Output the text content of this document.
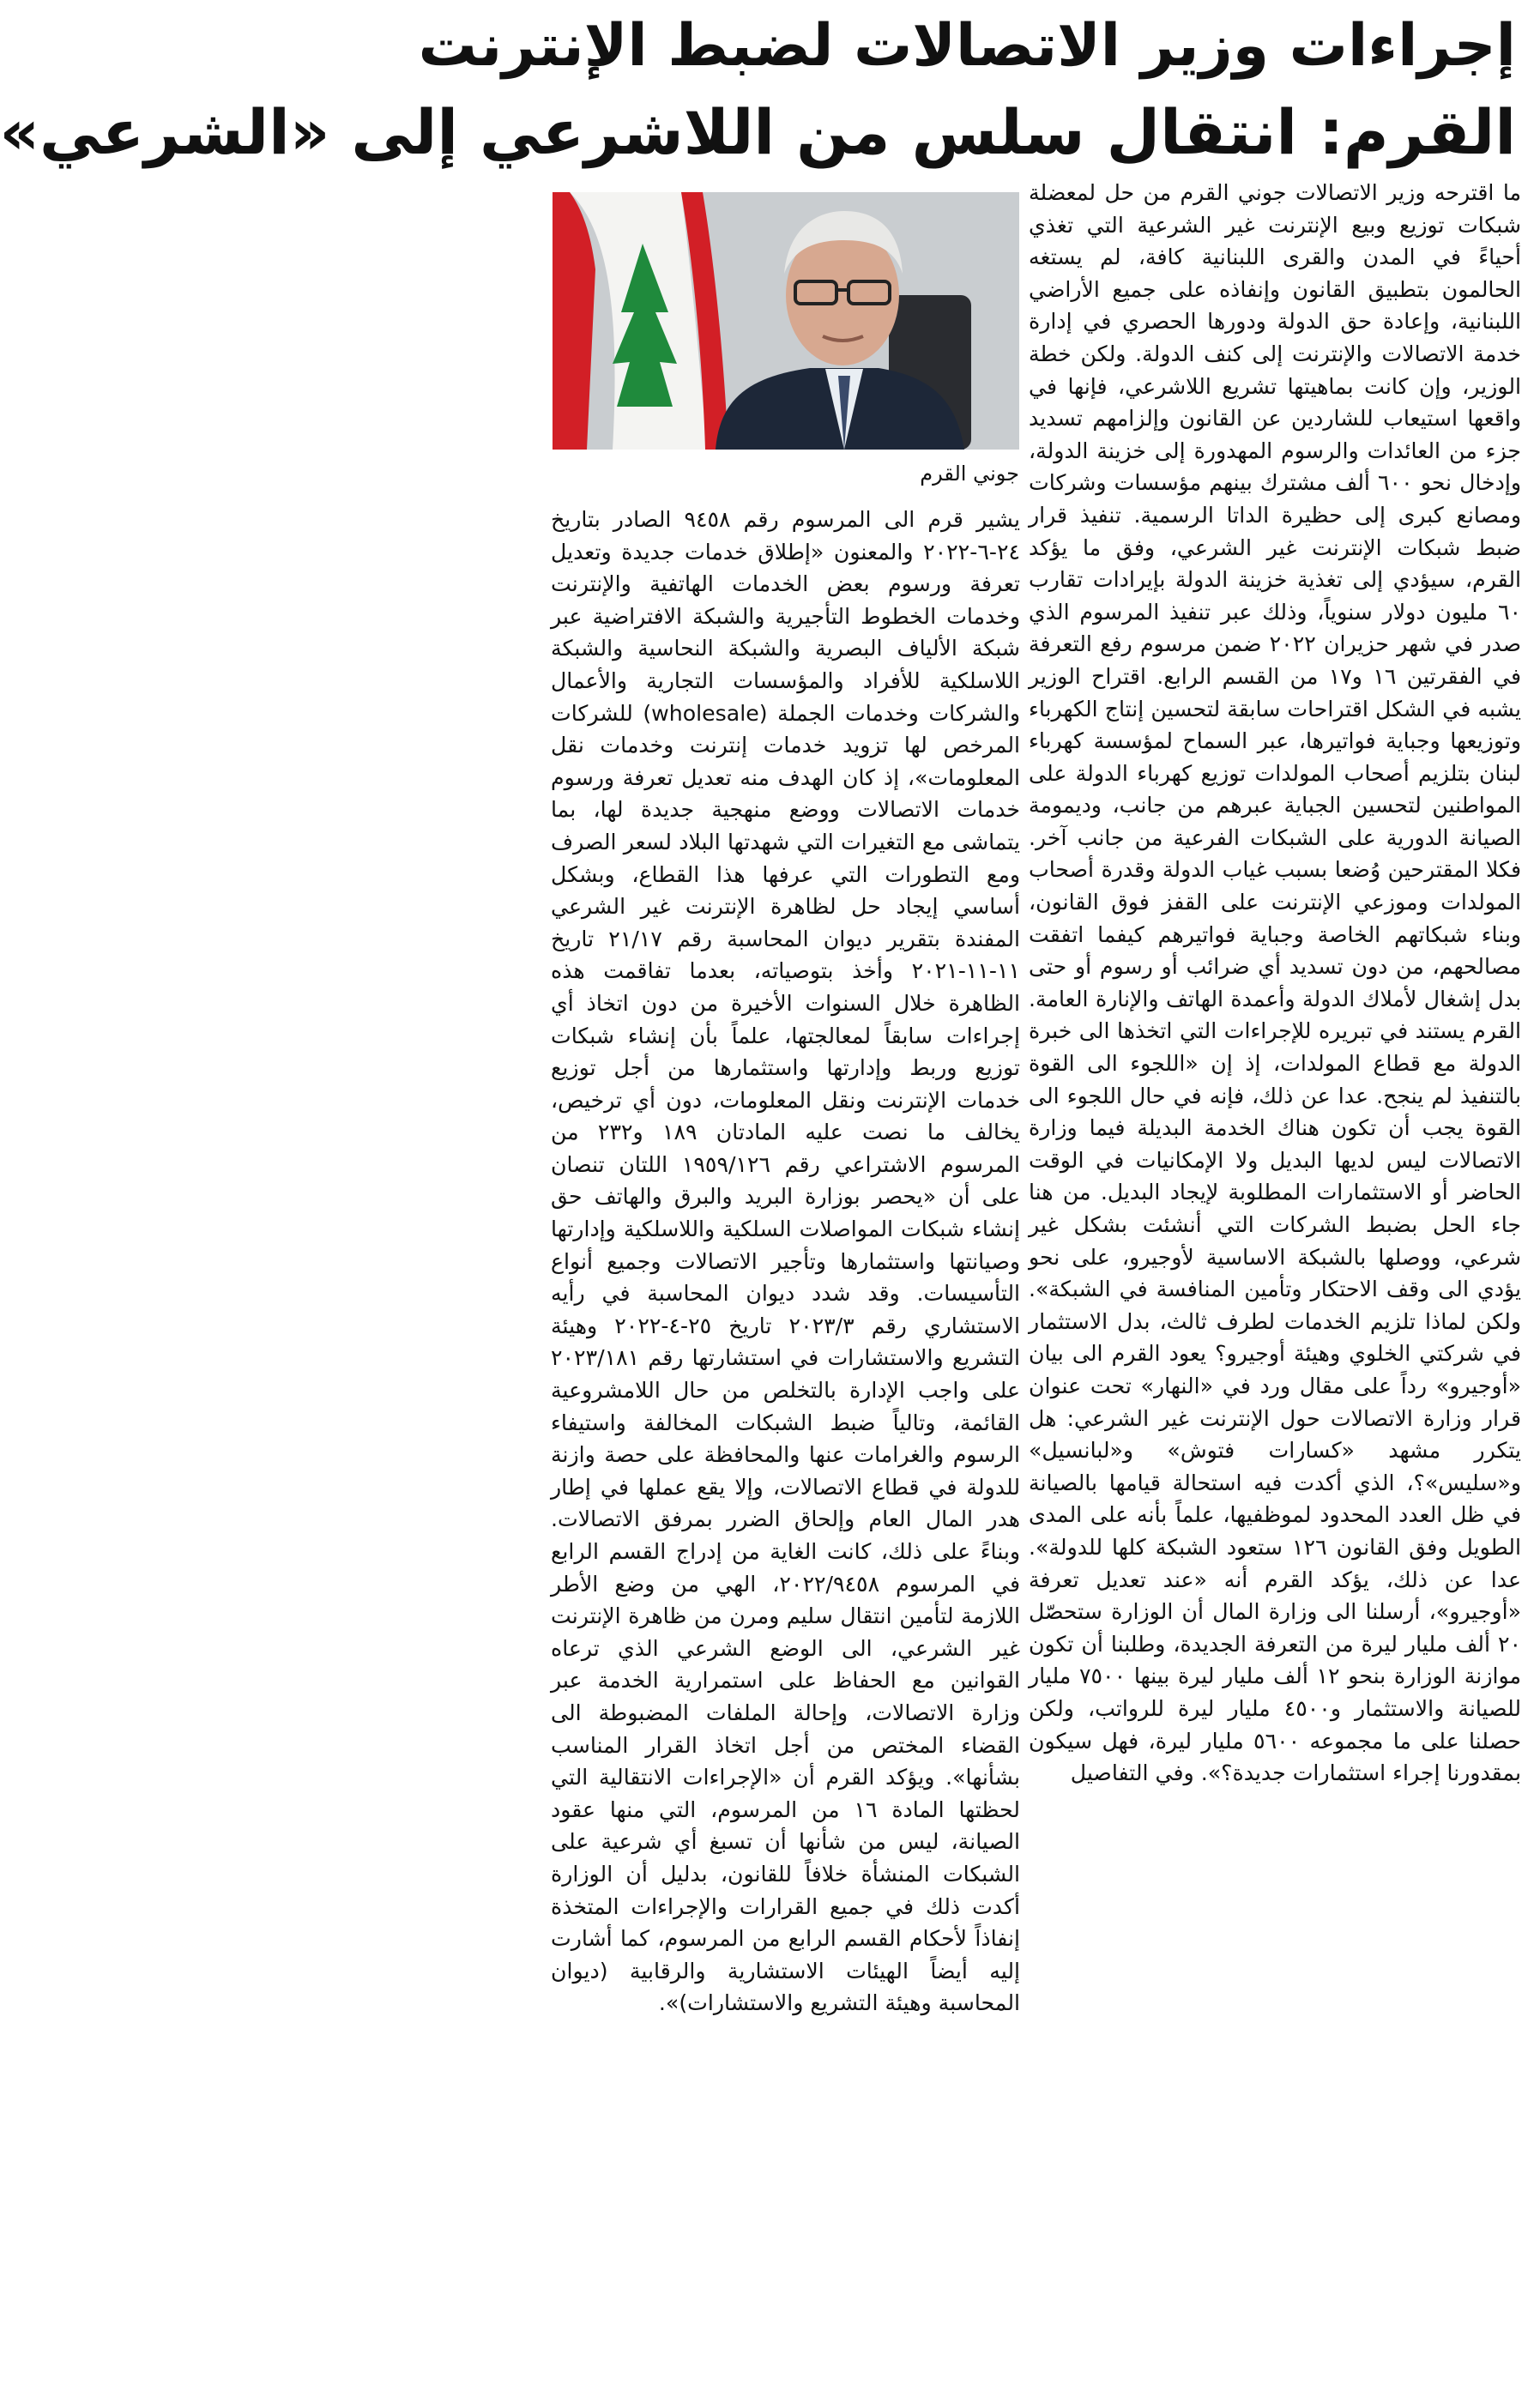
إجراءات وزير الاتصالات لضبط الإنترنت
القرم: انتقال سلس من اللاشرعي إلى «الشرعي»

ما اقترحه وزير الاتصالات جوني القرم من حل لمعضلة شبكات توزيع وبيع الإنترنت غير الشرعية التي تغذي أحياءً في المدن والقرى اللبنانية كافة، لم يستغه الحالمون بتطبيق القانون وإنفاذه على جميع الأراضي اللبنانية، وإعادة حق الدولة ودورها الحصري في إدارة خدمة الاتصالات والإنترنت إلى كنف الدولة. ولكن خطة الوزير، وإن كانت بماهيتها تشريع اللاشرعي، فإنها في واقعها استيعاب للشاردين عن القانون وإلزامهم تسديد جزء من العائدات والرسوم المهدورة إلى خزينة الدولة، وإدخال نحو ٦٠٠ ألف مشترك بينهم مؤسسات وشركات ومصانع كبرى إلى حظيرة الداتا الرسمية. تنفيذ قرار ضبط شبكات الإنترنت غير الشرعي، وفق ما يؤكد القرم، سيؤدي إلى تغذية خزينة الدولة بإيرادات تقارب ٦٠ مليون دولار سنوياً، وذلك عبر تنفيذ المرسوم الذي صدر في شهر حزيران ٢٠٢٢ ضمن مرسوم رفع التعرفة في الفقرتين ١٦ و١٧ من القسم الرابع. اقتراح الوزير يشبه في الشكل اقتراحات سابقة لتحسين إنتاج الكهرباء وتوزيعها وجباية فواتيرها، عبر السماح لمؤسسة كهرباء لبنان بتلزيم أصحاب المولدات توزيع كهرباء الدولة على المواطنين لتحسين الجباية عبرهم من جانب، وديمومة الصيانة الدورية على الشبكات الفرعية من جانب آخر. فكلا المقترحين وُضعا بسبب غياب الدولة وقدرة أصحاب المولدات وموزعي الإنترنت على القفز فوق القانون، وبناء شبكاتهم الخاصة وجباية فواتيرهم كيفما اتفقت مصالحهم، من دون تسديد أي ضرائب أو رسوم أو حتى بدل إشغال لأملاك الدولة وأعمدة الهاتف والإنارة العامة. القرم يستند في تبريره للإجراءات التي اتخذها الى خبرة الدولة مع قطاع المولدات، إذ إن «اللجوء الى القوة بالتنفيذ لم ينجح. عدا عن ذلك، فإنه في حال اللجوء الى القوة يجب أن تكون هناك الخدمة البديلة فيما وزارة الاتصالات ليس لديها البديل ولا الإمكانيات في الوقت الحاضر أو الاستثمارات المطلوبة لإيجاد البديل. من هنا جاء الحل بضبط الشركات التي أنشئت بشكل غير شرعي، ووصلها بالشبكة الاساسية لأوجيرو، على نحو يؤدي الى وقف الاحتكار وتأمين المنافسة في الشبكة». ولكن لماذا تلزيم الخدمات لطرف ثالث، بدل الاستثمار في شركتي الخلوي وهيئة أوجيرو؟ يعود القرم الى بيان «أوجيرو» رداً على مقال ورد في «النهار» تحت عنوان قرار وزارة الاتصالات حول الإنترنت غير الشرعي: هل يتكرر مشهد «كسارات فتوش» و«لبانسيل» و«سليس»؟، الذي أكدت فيه استحالة قيامها بالصيانة في ظل العدد المحدود لموظفيها، علماً بأنه على المدى الطويل وفق القانون ١٢٦ ستعود الشبكة كلها للدولة». عدا عن ذلك، يؤكد القرم أنه «عند تعديل تعرفة «أوجيرو»، أرسلنا الى وزارة المال أن الوزارة ستحصّل ٢٠ ألف مليار ليرة من التعرفة الجديدة، وطلبنا أن تكون موازنة الوزارة بنحو ١٢ ألف مليار ليرة بينها ٧٥٠٠ مليار للصيانة والاستثمار و٤٥٠٠ مليار ليرة للرواتب، ولكن حصلنا على ما مجموعه ٥٦٠٠ مليار ليرة، فهل سيكون بمقدورنا إجراء استثمارات جديدة؟». وفي التفاصيل

جوني القرم

يشير قرم الى المرسوم رقم ٩٤٥٨ الصادر بتاريخ ٢٤-٦-٢٠٢٢ والمعنون «إطلاق خدمات جديدة وتعديل تعرفة ورسوم بعض الخدمات الهاتفية والإنترنت وخدمات الخطوط التأجيرية والشبكة الافتراضية عبر شبكة الألياف البصرية والشبكة النحاسية والشبكة اللاسلكية للأفراد والمؤسسات التجارية والأعمال والشركات وخدمات الجملة (wholesale) للشركات المرخص لها تزويد خدمات إنترنت وخدمات نقل المعلومات»، إذ كان الهدف منه تعديل تعرفة ورسوم خدمات الاتصالات ووضع منهجية جديدة لها، بما يتماشى مع التغيرات التي شهدتها البلاد لسعر الصرف ومع التطورات التي عرفها هذا القطاع، وبشكل أساسي إيجاد حل لظاهرة الإنترنت غير الشرعي المفندة بتقرير ديوان المحاسبة رقم ٢١/١٧ تاريخ ١١-١١-٢٠٢١ وأخذ بتوصياته، بعدما تفاقمت هذه الظاهرة خلال السنوات الأخيرة من دون اتخاذ أي إجراءات سابقاً لمعالجتها، علماً بأن إنشاء شبكات توزيع وربط وإدارتها واستثمارها من أجل توزيع خدمات الإنترنت ونقل المعلومات، دون أي ترخيص، يخالف ما نصت عليه المادتان ١٨٩ و٢٣٢ من المرسوم الاشتراعي رقم ١٩٥٩/١٢٦ اللتان تنصان على أن «يحصر بوزارة البريد والبرق والهاتف حق إنشاء شبكات المواصلات السلكية واللاسلكية وإدارتها وصيانتها واستثمارها وتأجير الاتصالات وجميع أنواع التأسيسات. وقد شدد ديوان المحاسبة في رأيه الاستشاري رقم ٢٠٢٣/٣ تاريخ ٢٥-٤-٢٠٢٢ وهيئة التشريع والاستشارات في استشارتها رقم ٢٠٢٣/١٨١ على واجب الإدارة بالتخلص من حال اللامشروعية القائمة، وتالياً ضبط الشبكات المخالفة واستيفاء الرسوم والغرامات عنها والمحافظة على حصة وازنة للدولة في قطاع الاتصالات، وإلا يقع عملها في إطار هدر المال العام وإلحاق الضرر بمرفق الاتصالات. وبناءً على ذلك، كانت الغاية من إدراج القسم الرابع في المرسوم ٢٠٢٢/٩٤٥٨، الهي من وضع الأطر اللازمة لتأمين انتقال سليم ومرن من ظاهرة الإنترنت غير الشرعي، الى الوضع الشرعي الذي ترعاه القوانين مع الحفاظ على استمرارية الخدمة عبر وزارة الاتصالات، وإحالة الملفات المضبوطة الى القضاء المختص من أجل اتخاذ القرار المناسب بشأنها». ويؤكد القرم أن «الإجراءات الانتقالية التي لحظتها المادة ١٦ من المرسوم، التي منها عقود الصيانة، ليس من شأنها أن تسبغ أي شرعية على الشبكات المنشأة خلافاً للقانون، بدليل أن الوزارة أكدت ذلك في جميع القرارات والإجراءات المتخذة إنفاذاً لأحكام القسم الرابع من المرسوم، كما أشارت إليه أيضاً الهيئات الاستشارية والرقابية (ديوان المحاسبة وهيئة التشريع والاستشارات)».
